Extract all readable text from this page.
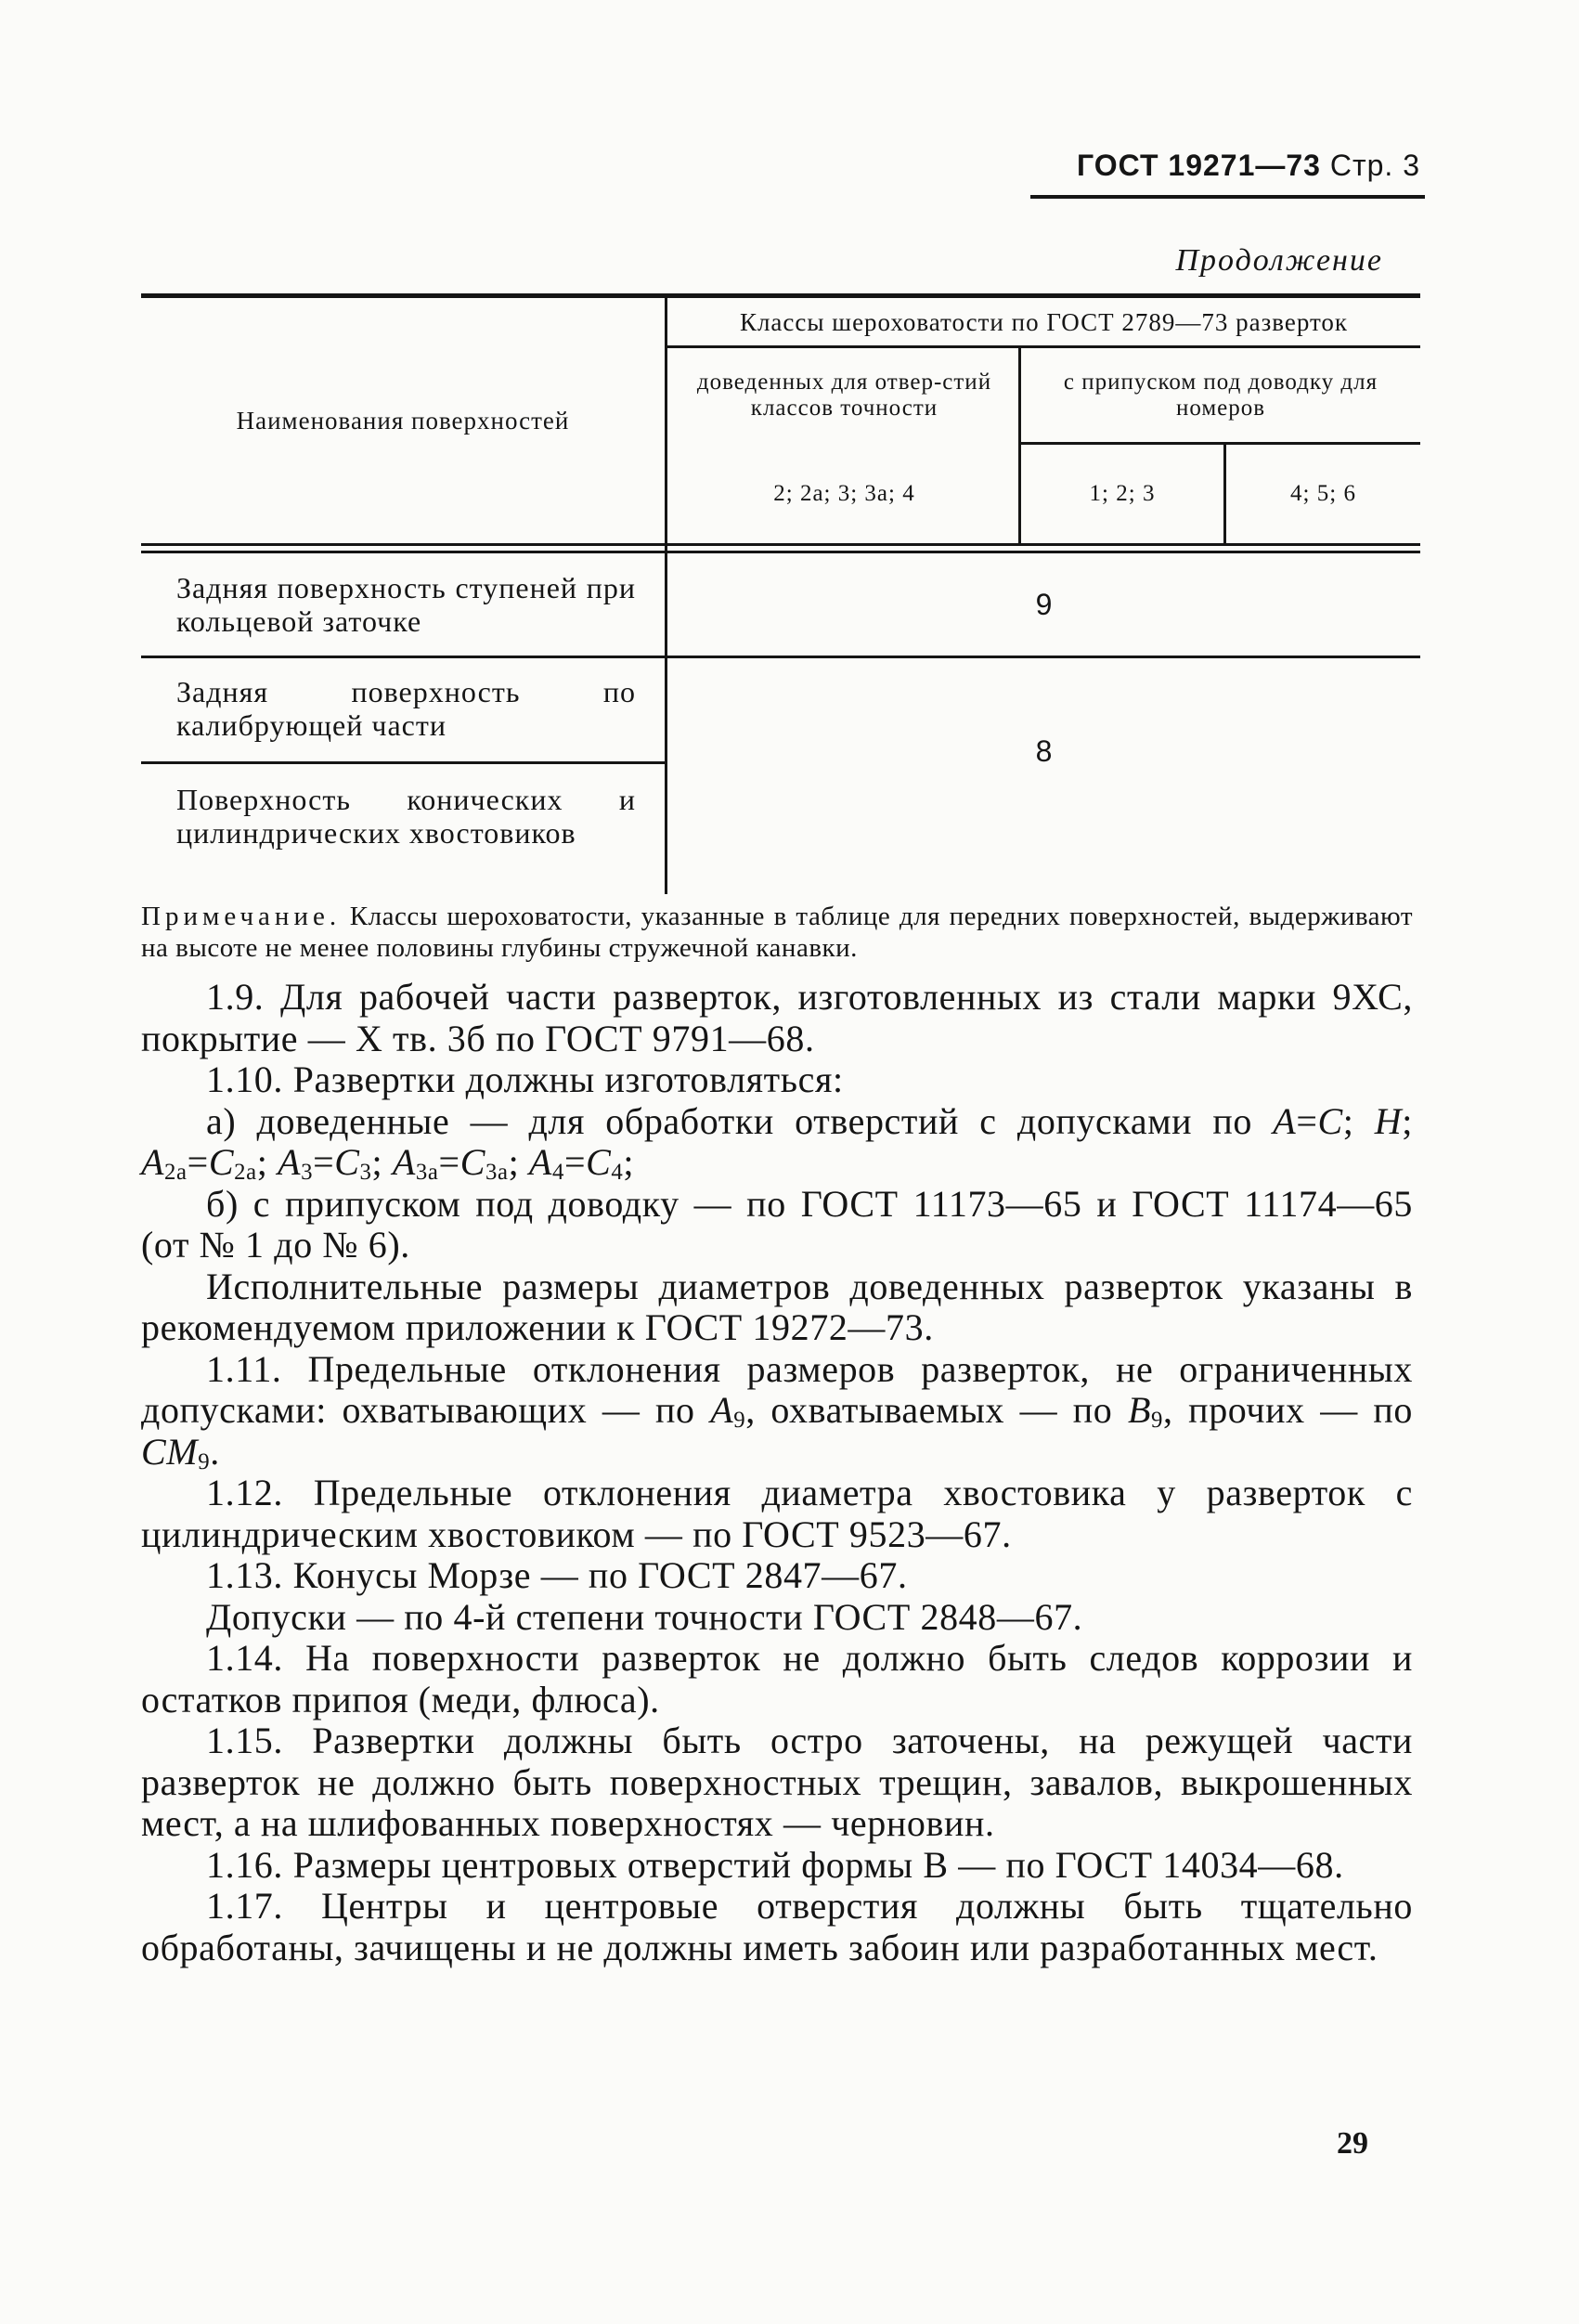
ГОСТ 19271—73 Стр. 3
Продолжение
Наименования поверхностей
Классы шероховатости по ГОСТ 2789—73 разверток
доведенных для отвер-стий классов точности
с припуском под доводку для номеров
2; 2а; 3; 3а; 4	1; 2; 3	4; 5; 6
Задняя поверхность ступеней при кольцевой заточке
Задняя поверхность по калибрующей части
Поверхность конических и цилиндрических хвостовиков
9
8

Примечание. Классы шероховатости, указанные в таблице для передних поверхностей, выдерживают на высоте не менее половины глубины стружечной канавки.

1.9. Для рабочей части разверток, изготовленных из стали марки 9ХС, покрытие — Х тв. 3б по ГОСТ 9791—68.

1.10. Развертки должны изготовляться:

а) доведенные — для обработки отверстий с допусками по А=С; Н; $А_{2а}=С_{2а}$; $А_3=С_3$; $А_{3а}=С_{3а}$; $А_4=С_4$;

б) с припуском под доводку — по ГОСТ 11173—65 и ГОСТ 11174—65 (от № 1 до № 6).

Исполнительные размеры диаметров доведенных разверток указаны в рекомендуемом приложении к ГОСТ 19272—73.

1.11. Предельные отклонения размеров разверток, не ограниченных допусками: охватывающих — по $А_9$, охватываемых — по $В_9$, прочих — по $СМ_9$.

1.12. Предельные отклонения диаметра хвостовика у разверток с цилиндрическим хвостовиком — по ГОСТ 9523—67.

1.13. Конусы Морзе — по ГОСТ 2847—67.

Допуски — по 4-й степени точности ГОСТ 2848—67.

1.14. На поверхности разверток не должно быть следов коррозии и остатков припоя (меди, флюса).

1.15. Развертки должны быть остро заточены, на режущей части разверток не должно быть поверхностных трещин, завалов, выкрошенных мест, а на шлифованных поверхностях — черновин.

1.16. Размеры центровых отверстий формы В — по ГОСТ 14034—68.

1.17. Центры и центровые отверстия должны быть тщательно обработаны, зачищены и не должны иметь забоин или разработанных мест.

29
